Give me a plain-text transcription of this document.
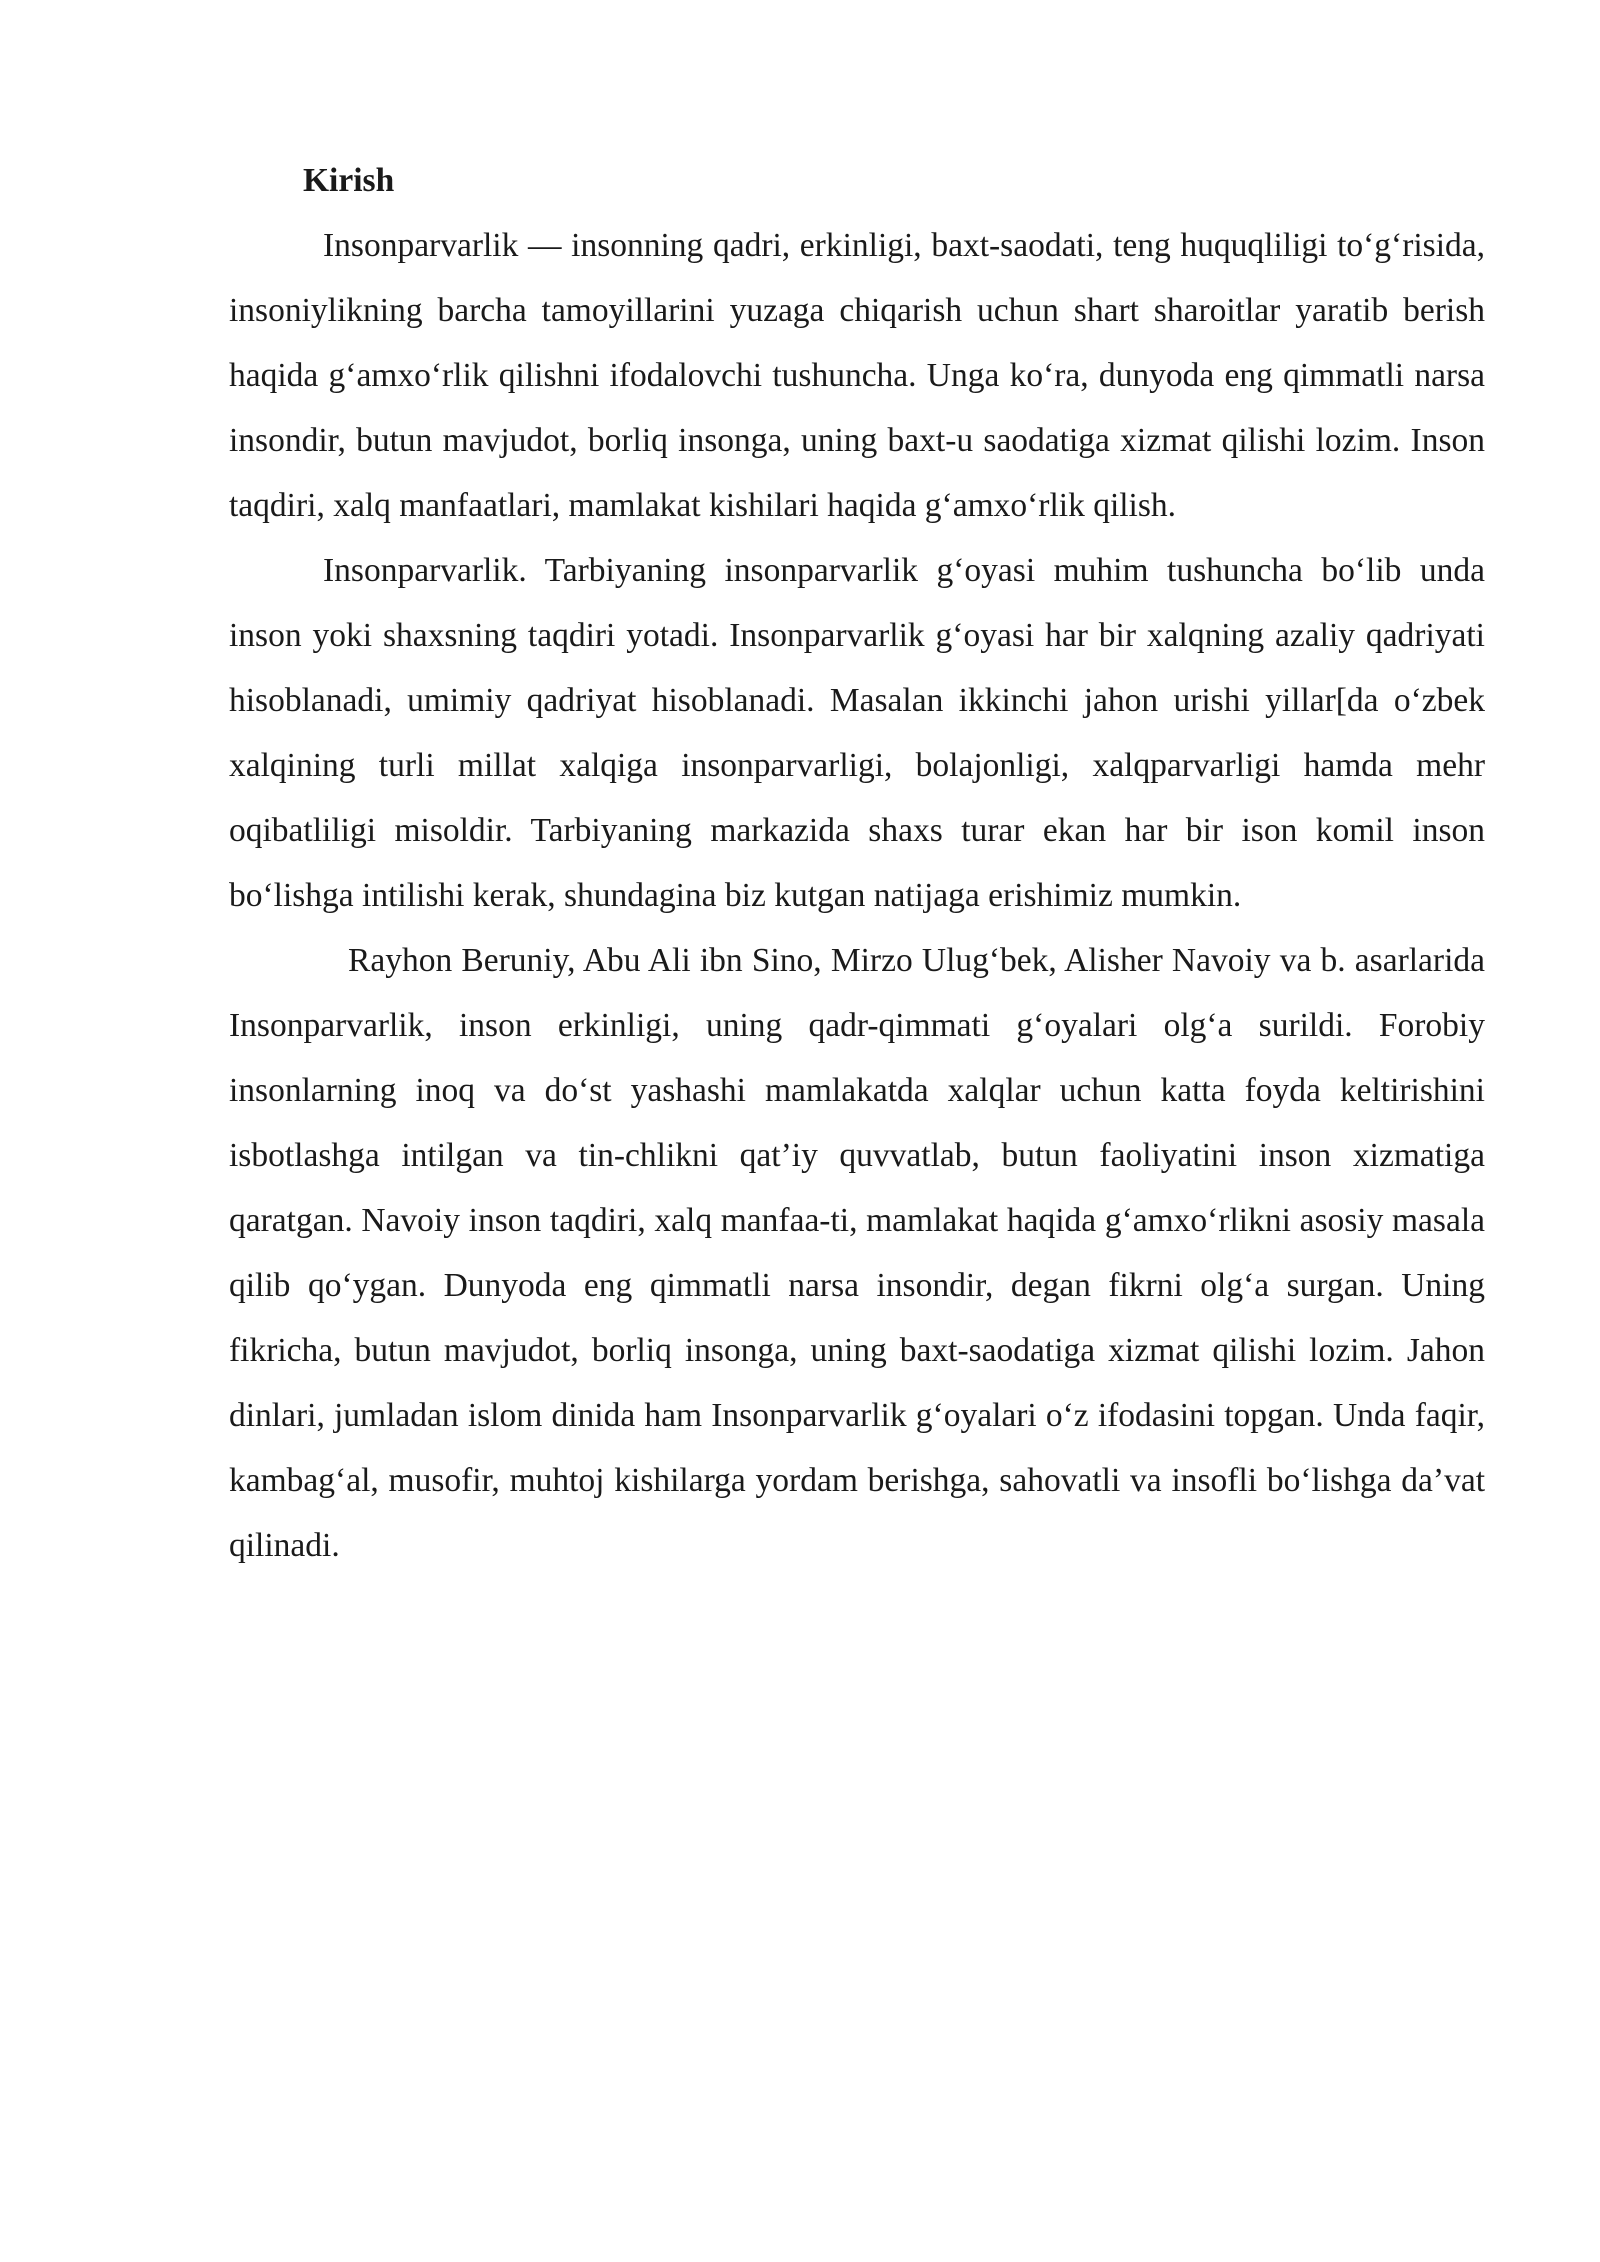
Kirish

Insonparvarlik — insonning qadri, erkinligi, baxt-saodati, teng huquqliligi to‘g‘risida, insoniylikning barcha tamoyillarini yuzaga chiqarish uchun shart sharoitlar yaratib berish haqida g‘amxo‘rlik qilishni ifodalovchi tushuncha. Unga ko‘ra, dunyoda eng qimmatli narsa insondir, butun mavjudot, borliq insonga, uning baxt-u saodatiga xizmat qilishi lozim. Inson taqdiri, xalq manfaatlari, mamlakat kishilari haqida g‘amxo‘rlik qilish.

Insonparvarlik. Tarbiyaning insonparvarlik g‘oyasi muhim tushuncha bo‘lib unda inson yoki shaxsning taqdiri yotadi. Insonparvarlik g‘oyasi har bir xalqning azaliy qadriyati hisoblanadi, umimiy qadriyat hisoblanadi. Masalan ikkinchi jahon urishi yillar[da o‘zbek xalqining turli millat xalqiga insonparvarligi, bolajonligi, xalqparvarligi hamda mehr oqibatliligi misoldir. Tarbiyaning markazida shaxs turar ekan har bir ison komil inson bo‘lishga intilishi kerak, shundagina biz kutgan natijaga erishimiz mumkin.

Rayhon Beruniy, Abu Ali ibn Sino, Mirzo Ulug‘bek, Alisher Navoiy va b. asarlarida Insonparvarlik, inson erkinligi, uning qadr-qimmati g‘oyalari olg‘a surildi. Forobiy insonlarning inoq va do‘st yashashi mamlakatda xalqlar uchun katta foyda keltirishini isbotlashga intilgan va tin-chlikni qat’iy quvvatlab, butun faoliyatini inson xizmatiga qaratgan. Navoiy inson taqdiri, xalq manfaa-ti, mamlakat haqida g‘amxo‘rlikni asosiy masala qilib qo‘ygan. Dunyoda eng qimmatli narsa insondir, degan fikrni olg‘a surgan. Uning fikricha, butun mavjudot, borliq insonga, uning baxt-saodatiga xizmat qilishi lozim. Jahon dinlari, jumladan islom dinida ham Insonparvarlik g‘oyalari o‘z ifodasini topgan. Unda faqir, kambag‘al, musofir, muhtoj kishilarga yordam berishga, sahovatli va insofli bo‘lishga da’vat qilinadi.
